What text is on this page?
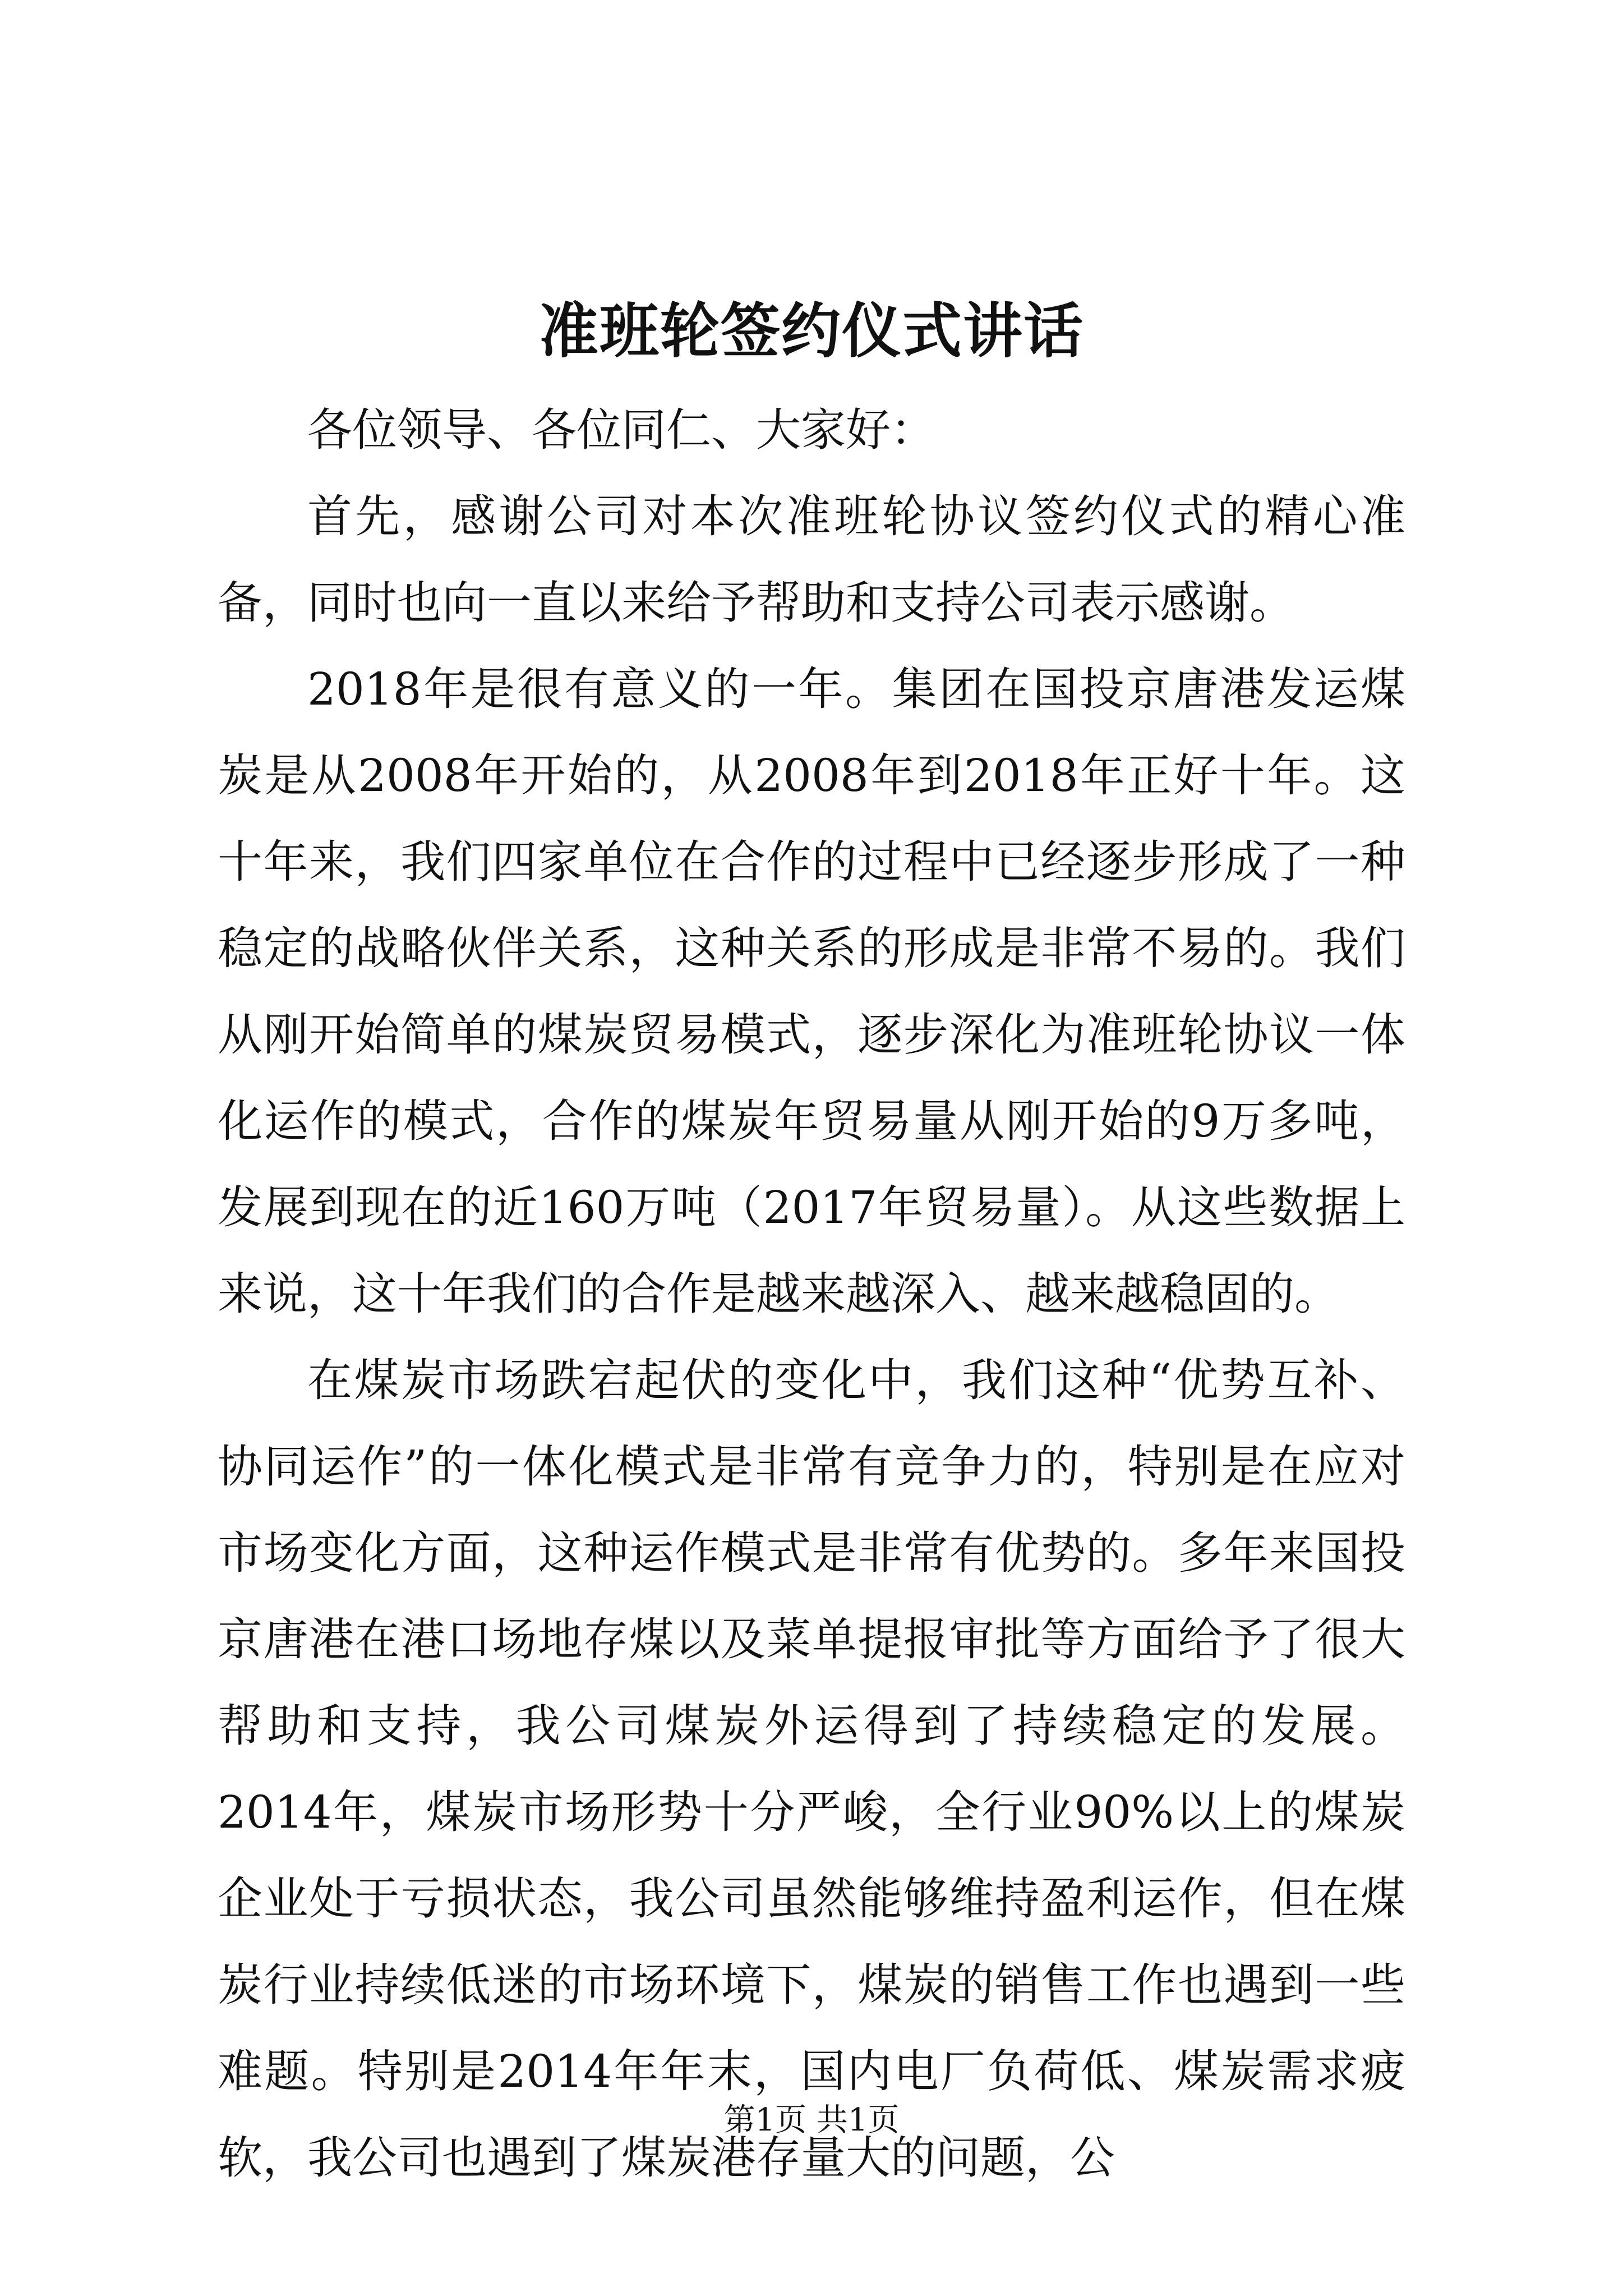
准班轮签约仪式讲话

各位领导、各位同仁、大家好：

首先，感谢公司对本次准班轮协议签约仪式的精心准备，同时也向一直以来给予帮助和支持公司表示感谢。

2018年是很有意义的一年。集团在国投京唐港发运煤炭是从2008年开始的，从2008年到2018年正好十年。这十年来，我们四家单位在合作的过程中已经逐步形成了一种稳定的战略伙伴关系，这种关系的形成是非常不易的。我们从刚开始简单的煤炭贸易模式，逐步深化为准班轮协议一体化运作的模式，合作的煤炭年贸易量从刚开始的9万多吨，发展到现在的近160万吨（2017年贸易量）。从这些数据上来说，这十年我们的合作是越来越深入、越来越稳固的。

在煤炭市场跌宕起伏的变化中，我们这种“优势互补、协同运作”的一体化模式是非常有竞争力的，特别是在应对市场变化方面，这种运作模式是非常有优势的。多年来国投京唐港在港口场地存煤以及菜单提报审批等方面给予了很大帮助和支持，我公司煤炭外运得到了持续稳定的发展。2014年，煤炭市场形势十分严峻，全行业90%以上的煤炭企业处于亏损状态，我公司虽然能够维持盈利运作，但在煤炭行业持续低迷的市场环境下，煤炭的销售工作也遇到一些难题。特别是2014年年末，国内电厂负荷低、煤炭需求疲软，我公司也遇到了煤炭港存量大的问题，公

第1页 共1页
